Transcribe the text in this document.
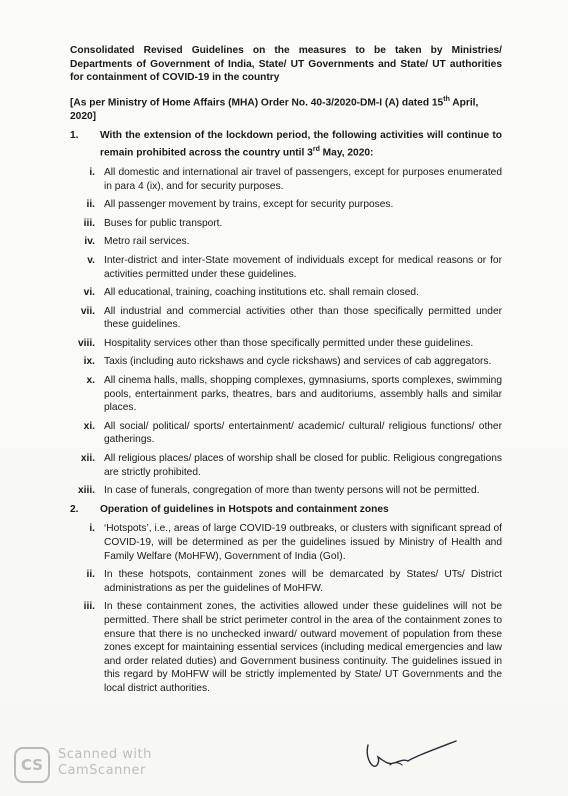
Consolidated Revised Guidelines on the measures to be taken by Ministries/ Departments of Government of India, State/ UT Governments and State/ UT authorities for containment of COVID-19 in the country

[As per Ministry of Home Affairs (MHA) Order No. 40-3/2020-DM-I (A) dated 15th April, 2020]

1.	With the extension of the lockdown period, the following activities will continue to remain prohibited across the country until 3rd May, 2020:
i. All domestic and international air travel of passengers, except for purposes enumerated in para 4 (ix), and for security purposes.
ii. All passenger movement by trains, except for security purposes.
iii. Buses for public transport.
iv. Metro rail services.
v. Inter-district and inter-State movement of individuals except for medical reasons or for activities permitted under these guidelines.
vi. All educational, training, coaching institutions etc. shall remain closed.
vii. All industrial and commercial activities other than those specifically permitted under these guidelines.
viii. Hospitality services other than those specifically permitted under these guidelines.
ix. Taxis (including auto rickshaws and cycle rickshaws) and services of cab aggregators.
x. All cinema halls, malls, shopping complexes, gymnasiums, sports complexes, swimming pools, entertainment parks, theatres, bars and auditoriums, assembly halls and similar places.
xi. All social/ political/ sports/ entertainment/ academic/ cultural/ religious functions/ other gatherings.
xii. All religious places/ places of worship shall be closed for public. Religious congregations are strictly prohibited.
xiii. In case of funerals, congregation of more than twenty persons will not be permitted.
2.	Operation of guidelines in Hotspots and containment zones
i. ‘Hotspots’, i.e., areas of large COVID-19 outbreaks, or clusters with significant spread of COVID-19, will be determined as per the guidelines issued by Ministry of Health and Family Welfare (MoHFW), Government of India (GoI).
ii. In these hotspots, containment zones will be demarcated by States/ UTs/ District administrations as per the guidelines of MoHFW.
iii. In these containment zones, the activities allowed under these guidelines will not be permitted. There shall be strict perimeter control in the area of the containment zones to ensure that there is no unchecked inward/ outward movement of population from these zones except for maintaining essential services (including medical emergencies and law and order related duties) and Government business continuity. The guidelines issued in this regard by MoHFW will be strictly implemented by State/ UT Governments and the local district authorities.
CS
Scanned with
CamScanner
